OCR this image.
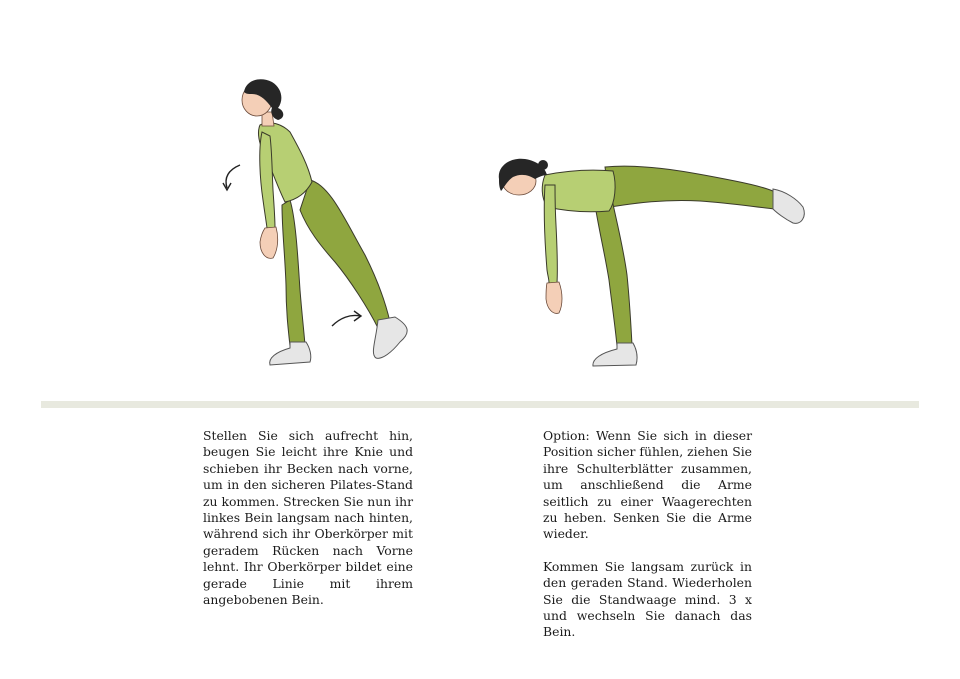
Stellen Sie sich aufrecht hin, beugen Sie leicht ihre Knie und schieben ihr Becken nach vorne, um in den sicheren Pilates-Stand zu kommen. Strecken Sie nun ihr linkes Bein langsam nach hinten, während sich ihr Oberkörper mit geradem Rücken nach Vorne lehnt. Ihr Oberkörper bildet eine gerade Linie mit ihrem angebobenen Bein.

Option: Wenn Sie sich in dieser Position sicher fühlen, ziehen Sie ihre Schulterblätter zusammen, um anschließend die Arme seitlich zu einer Waagerechten zu heben. Senken Sie die Arme wieder.

Kommen Sie langsam zurück in den geraden Stand. Wiederholen Sie die Standwaage mind. 3 x und wechseln Sie danach das Bein.
